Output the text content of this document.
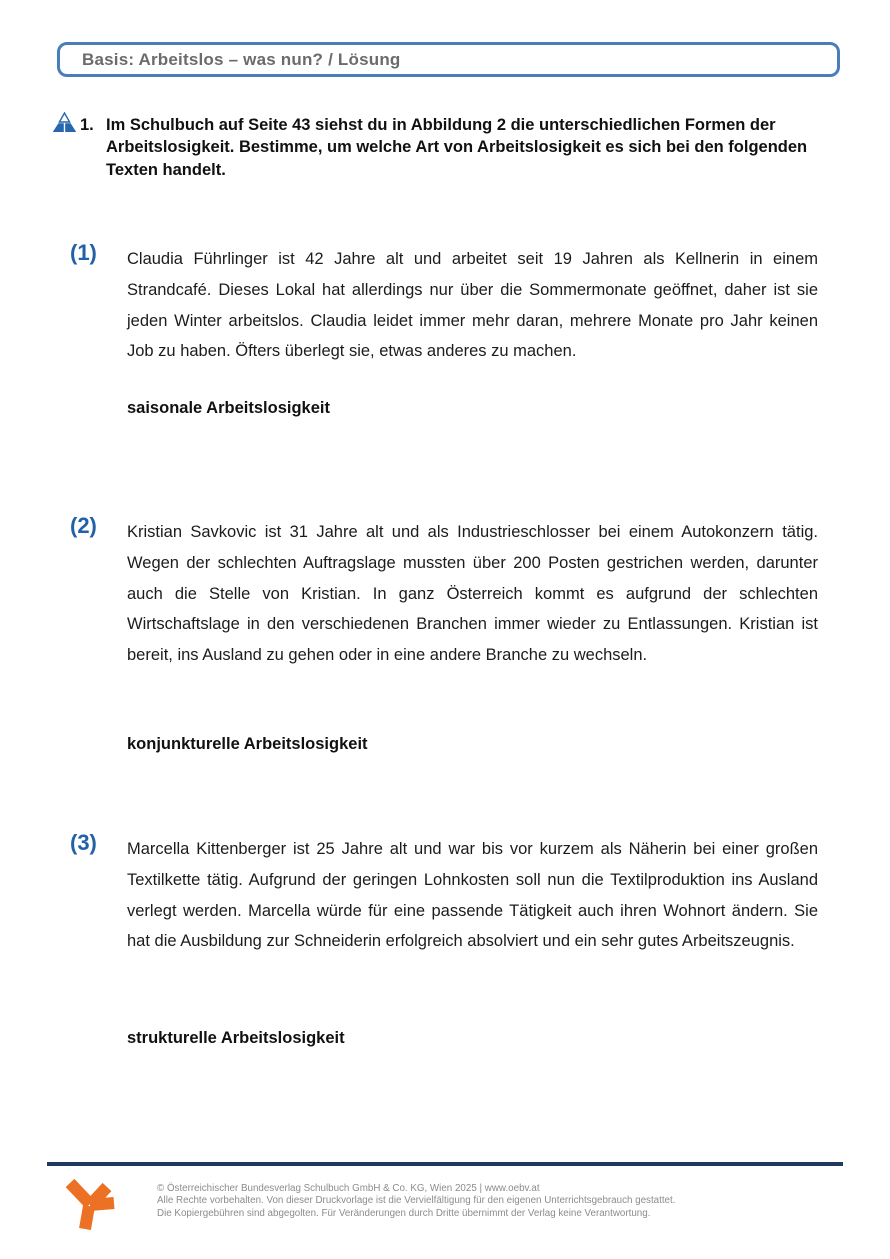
Basis: Arbeitslos – was nun? / Lösung
1. Im Schulbuch auf Seite 43 siehst du in Abbildung 2 die unterschiedlichen Formen der Arbeitslosigkeit. Bestimme, um welche Art von Arbeitslosigkeit es sich bei den folgenden Texten handelt.
(1) Claudia Führlinger ist 42 Jahre alt und arbeitet seit 19 Jahren als Kellnerin in einem Strandcafé. Dieses Lokal hat allerdings nur über die Sommermonate geöffnet, daher ist sie jeden Winter arbeitslos. Claudia leidet immer mehr daran, mehrere Monate pro Jahr keinen Job zu haben. Öfters überlegt sie, etwas anderes zu machen.
saisonale Arbeitslosigkeit
(2) Kristian Savkovic ist 31 Jahre alt und als Industrieschlosser bei einem Autokonzern tätig. Wegen der schlechten Auftragslage mussten über 200 Posten gestrichen werden, darunter auch die Stelle von Kristian. In ganz Österreich kommt es aufgrund der schlechten Wirtschaftslage in den verschiedenen Branchen immer wieder zu Entlassungen. Kristian ist bereit, ins Ausland zu gehen oder in eine andere Branche zu wechseln.
konjunkturelle Arbeitslosigkeit
(3) Marcella Kittenberger ist 25 Jahre alt und war bis vor kurzem als Näherin bei einer großen Textilkette tätig. Aufgrund der geringen Lohnkosten soll nun die Textilproduktion ins Ausland verlegt werden. Marcella würde für eine passende Tätigkeit auch ihren Wohnort ändern. Sie hat die Ausbildung zur Schneiderin erfolgreich absolviert und ein sehr gutes Arbeitszeugnis.
strukturelle Arbeitslosigkeit
© Österreichischer Bundesverlag Schulbuch GmbH & Co. KG, Wien 2025 | www.oebv.at
Alle Rechte vorbehalten. Von dieser Druckvorlage ist die Vervielfältigung für den eigenen Unterrichtsgebrauch gestattet.
Die Kopiergebühren sind abgegolten. Für Veränderungen durch Dritte übernimmt der Verlag keine Verantwortung.
